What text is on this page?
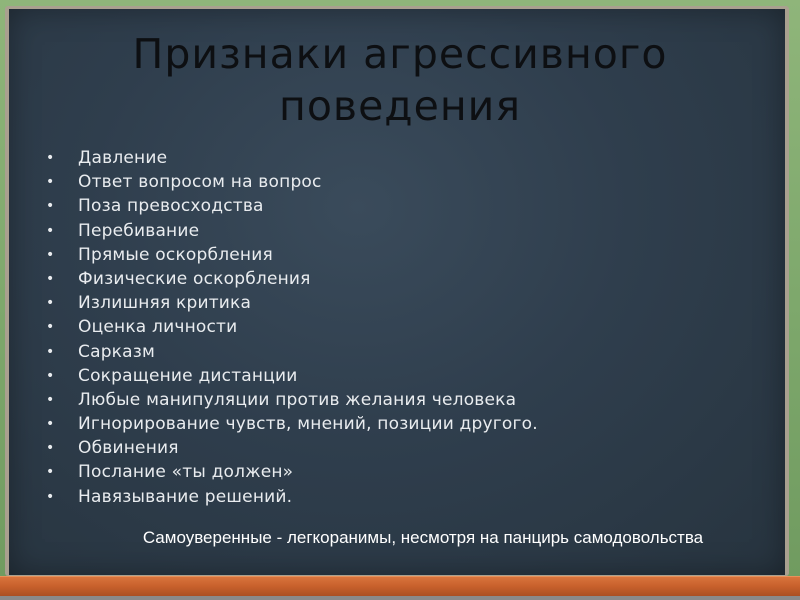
Признаки агрессивного
поведения
• Давление
• Ответ вопросом на вопрос
• Поза превосходства
• Перебивание
• Прямые оскорбления
• Физические оскорбления
• Излишняя критика
• Оценка личности
• Сарказм
• Сокращение дистанции
• Любые манипуляции против желания человека
• Игнорирование чувств, мнений, позиции другого.
• Обвинения
• Послание «ты должен»
• Навязывание решений.
Самоуверенные - легкоранимы, несмотря на панцирь самодовольства
